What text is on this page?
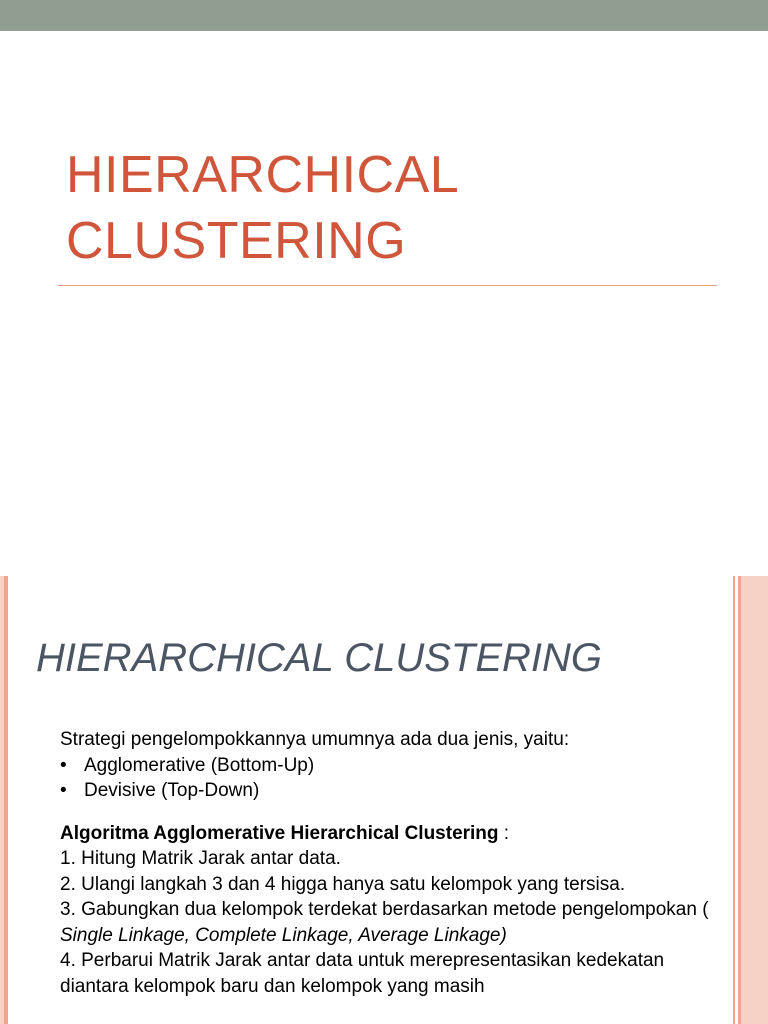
HIERARCHICAL
CLUSTERING
HIERARCHICAL CLUSTERING

Strategi pengelompokkannya umumnya ada dua jenis, yaitu:

• Agglomerative (Bottom-Up)
• Devisive (Top-Down)

Algoritma Agglomerative Hierarchical Clustering :

1. Hitung Matrik Jarak antar data.
2. Ulangi langkah 3 dan 4 higga hanya satu kelompok yang tersisa.
3. Gabungkan dua kelompok terdekat berdasarkan metode pengelompokan ( Single Linkage, Complete Linkage, Average Linkage)
4. Perbarui Matrik Jarak antar data untuk merepresentasikan kedekatan diantara kelompok baru dan kelompok yang masih
